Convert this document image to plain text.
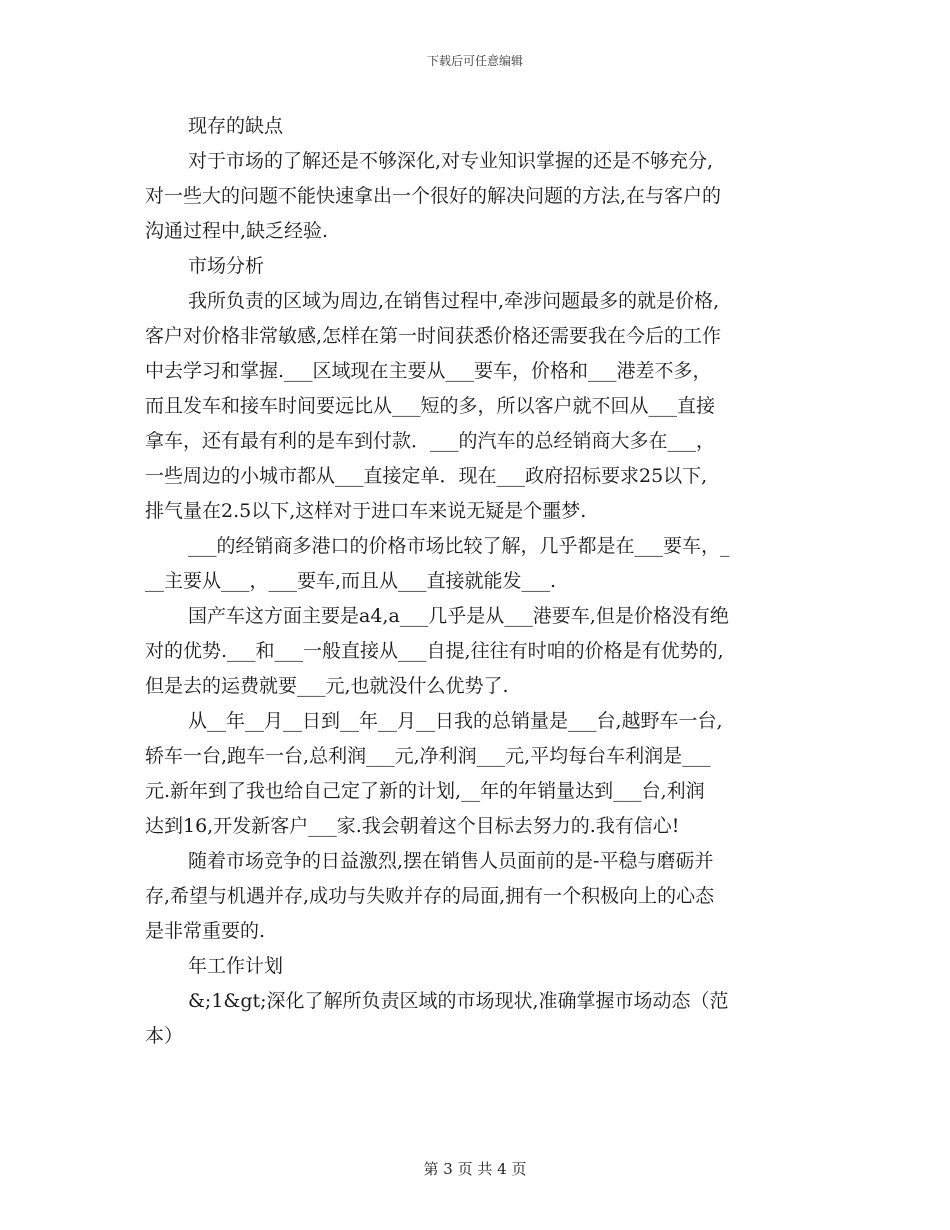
下载后可任意编辑
现存的缺点
对于市场的了解还是不够深化,对专业知识掌握的还是不够充分,
对一些大的问题不能快速拿出一个很好的解决问题的方法,在与客户的
沟通过程中,缺乏经验.
市场分析
我所负责的区域为周边,在销售过程中,牵涉问题最多的就是价格,
客户对价格非常敏感,怎样在第一时间获悉价格还需要我在今后的工作
中去学习和掌握.___区域现在主要从___要车，价格和___港差不多，
而且发车和接车时间要远比从___短的多，所以客户就不回从___直接
拿车，还有最有利的是车到付款．___的汽车的总经销商大多在___，
一些周边的小城市都从___直接定单．现在___政府招标要求25以下,
排气量在2.5以下,这样对于进口车来说无疑是个噩梦.
___的经销商多港口的价格市场比较了解，几乎都是在___要车，_
__主要从___，___要车,而且从___直接就能发___.
国产车这方面主要是a4,a___几乎是从___港要车,但是价格没有绝
对的优势.___和___一般直接从___自提,往往有时咱的价格是有优势的,
但是去的运费就要___元,也就没什么优势了.
从__年__月__日到__年__月__日我的总销量是___台,越野车一台,
轿车一台,跑车一台,总利润___元,净利润___元,平均每台车利润是___
元.新年到了我也给自己定了新的计划,__年的年销量达到___台,利润
达到16,开发新客户___家.我会朝着这个目标去努力的.我有信心!
随着市场竞争的日益激烈,摆在销售人员面前的是-平稳与磨砺并
存,希望与机遇并存,成功与失败并存的局面,拥有一个积极向上的心态
是非常重要的.
年工作计划
&;1&gt;深化了解所负责区域的市场现状,准确掌握市场动态（范
本）
第 3 页 共 4 页
